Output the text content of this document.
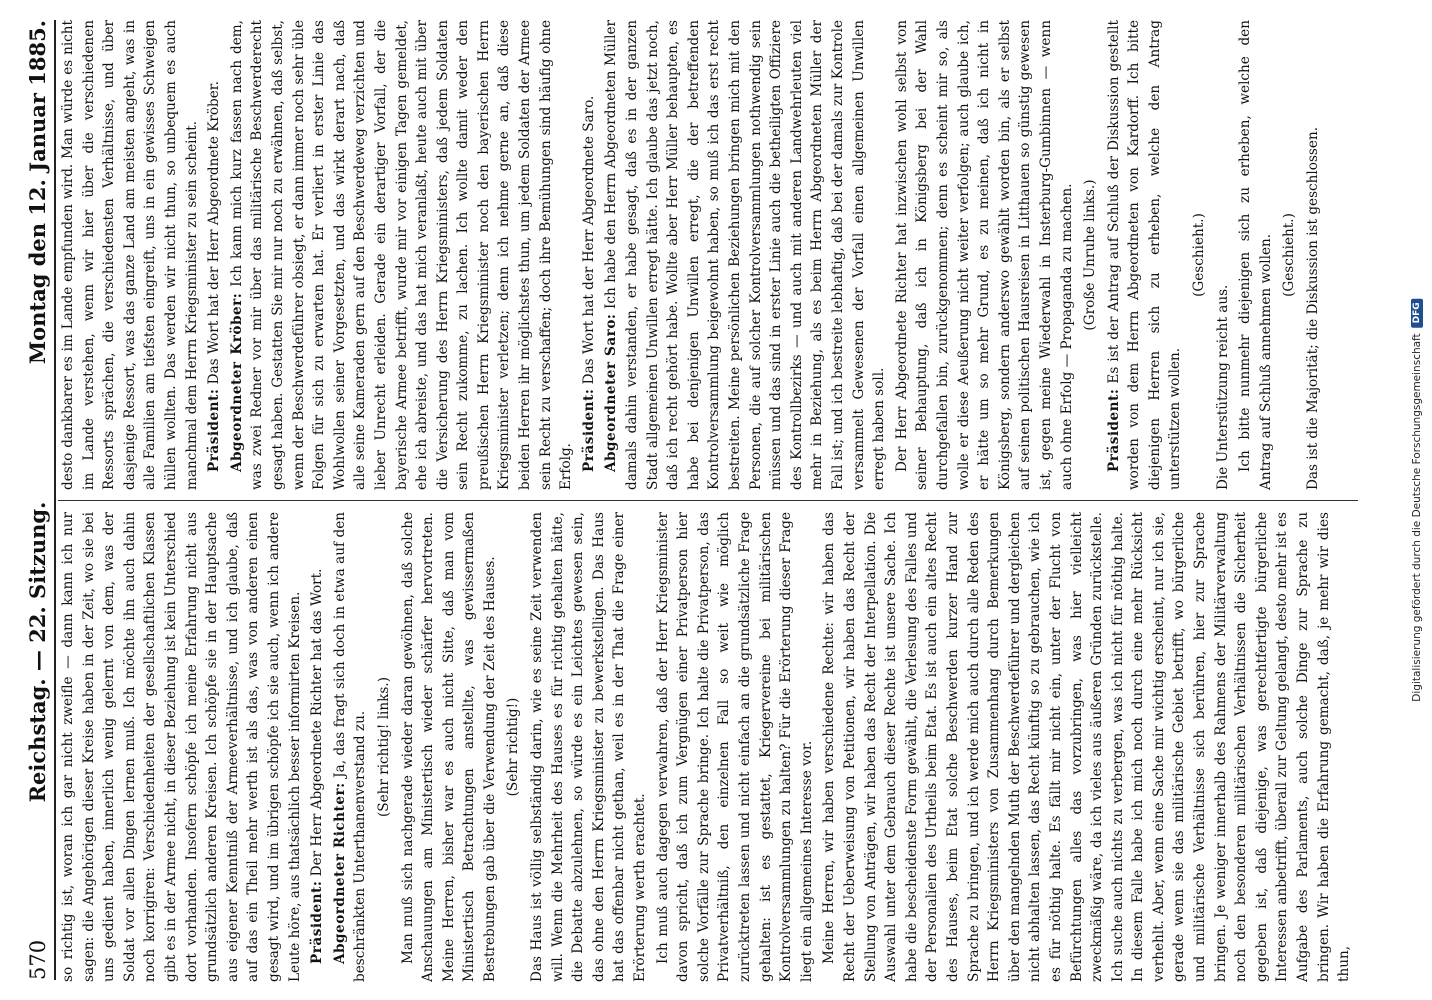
570
Reichstag. — 22. Sitzung.
Montag den 12. Januar 1885.

so richtig ist, woran ich gar nicht zweifle — dann kann ich nur sagen: die Angehörigen dieser Kreise haben in der Zeit, wo sie bei uns gedient haben, innerlich wenig gelernt von dem, was der Soldat vor allen Dingen lernen muß. Ich möchte ihn auch dahin noch korrigiren: Verschiedenheiten der gesellschaftlichen Klassen gibt es in der Armee nicht, in dieser Beziehung ist kein Unterschied dort vorhanden. Insofern schöpfe ich meine Erfahrung nicht aus grundsätzlich anderen Kreisen. Ich schöpfe sie in der Hauptsache aus eigener Kenntniß der Armeeverhältnisse, und ich glaube, daß auf das ein Theil mehr werth ist als das, was von anderen einen gesagt wird, und im übrigen schöpfe ich sie auch, wenn ich andere Leute höre, aus thatsächlich besser informirten Kreisen. Präsident: Der Herr Abgeordnete Richter hat das Wort. Abgeordneter Richter: Ja, das fragt sich doch in etwa auf den beschränkten Unterthanenverstand zu. (Sehr richtig! links.) Man muß sich nachgerade wieder daran gewöhnen, daß solche Anschauungen am Ministertisch wieder schärfer hervortreten. Meine Herren, bisher war es auch nicht Sitte, daß man vom Ministertisch Betrachtungen anstellte, was gewissermaßen Bestrebungen gab über die Verwendung der Zeit des Hauses. (Sehr richtig!) Das Haus ist völlig selbständig darin, wie es seine Zeit verwenden will. Wenn die Mehrheit des Hauses es für richtig gehalten hätte, die Debatte abzulehnen, so würde es ein Leichtes gewesen sein, das ohne den Herrn Kriegsminister zu bewerkstelligen. Das Haus hat das offenbar nicht gethan, weil es in der That die Frage einer Erörterung werth erachtet. Ich muß auch dagegen verwahren, daß der Herr Kriegsminister davon spricht, daß ich zum Vergnügen einer Privatperson hier solche Vorfälle zur Sprache bringe. Ich halte die Privatperson, das Privatverhältniß, den einzelnen Fall so weit wie möglich zurücktreten lassen und nicht einfach an die grundsätzliche Frage gehalten: ist es gestattet, Kriegervereine bei militärischen Kontrolversammlungen zu halten? Für die Erörterung dieser Frage liegt ein allgemeines Interesse vor. Meine Herren, wir haben verschiedene Rechte: wir haben das Recht der Ueberweisung von Petitionen, wir haben das Recht der Stellung von Anträgen, wir haben das Recht der Interpellation. Die Auswahl unter dem Gebrauch dieser Rechte ist unsere Sache. Ich habe die bescheidenste Form gewählt, die Verlesung des Falles und der Personalien des Urtheils beim Etat. Es ist auch ein altes Recht des Hauses, beim Etat solche Beschwerden kurzer Hand zur Sprache zu bringen, und ich werde mich auch durch alle Reden des Herrn Kriegsministers von Zusammenhang durch Bemerkungen über den mangelnden Muth der Beschwerdeführer und dergleichen nicht abhalten lassen, das Recht künftig so zu gebrauchen, wie ich es für nöthig halte. Es fällt mir nicht ein, unter der Flucht von Befürchtungen alles das vorzubringen, was hier vielleicht zweckmäßig wäre, da ich vieles aus äußeren Gründen zurückstelle. Ich suche auch nichts zu verbergen, was ich nicht für nöthig halte. In diesem Falle habe ich mich noch durch eine mehr Rücksicht verhehlt. Aber, wenn eine Sache mir wichtig erscheint, nur ich sie, gerade wenn sie das militärische Gebiet betrifft, wo bürgerliche und militärische Verhältnisse sich berühren, hier zur Sprache bringen. Je weniger innerhalb des Rahmens der Militärverwaltung noch den besonderen militärischen Verhältnissen die Sicherheit gegeben ist, daß diejenige, was gerechtfertigte bürgerliche Interessen anbetrifft, überall zur Geltung gelangt, desto mehr ist es Aufgabe des Parlaments, auch solche Dinge zur Sprache zu bringen. Wir haben die Erfahrung gemacht, daß, je mehr wir dies thun,

desto dankbarer es im Lande empfunden wird. Man würde es nicht im Lande verstehen, wenn wir hier über die verschiedenen Ressorts sprächen, die verschiedensten Verhältnisse, und über dasjenige Ressort, was das ganze Land am meisten angeht, was in alle Familien am tiefsten eingreift, uns in ein gewisses Schweigen hüllen wollten. Das werden wir nicht thun, so unbequem es auch manchmal dem Herrn Kriegsminister zu sein scheint. Präsident: Das Wort hat der Herr Abgeordnete Kröber. Abgeordneter Kröber: Ich kann mich kurz fassen nach dem, was zwei Redner vor mir über das militärische Beschwerderecht gesagt haben. Gestatten Sie mir nur noch zu erwähnen, daß selbst, wenn der Beschwerdeführer obsiegt, er dann immer noch sehr üble Folgen für sich zu erwarten hat. Er verliert in erster Linie das Wohlwollen seiner Vorgesetzten, und das wirkt derart nach, daß alle seine Kameraden gern auf den Beschwerdeweg verzichten und lieber Unrecht erleiden. Gerade ein derartiger Vorfall, der die bayerische Armee betrifft, wurde mir vor einigen Tagen gemeldet, ehe ich abreiste, und das hat mich veranlaßt, heute auch mit über die Versicherung des Herrn Kriegsministers, daß jedem Soldaten sein Recht zukomme, zu lachen. Ich wollte damit weder den preußischen Herrn Kriegsminister noch den bayerischen Herrn Kriegsminister verletzen; denn ich nehme gerne an, daß diese beiden Herren ihr möglichstes thun, um jedem Soldaten der Armee sein Recht zu verschaffen; doch ihre Bemühungen sind häufig ohne Erfolg. Präsident: Das Wort hat der Herr Abgeordnete Saro.

Abgeordneter Saro: Ich habe den Herrn Abgeordneten Müller damals dahin verstanden, er habe gesagt, daß es in der ganzen Stadt allgemeinen Unwillen erregt hätte. Ich glaube das jetzt noch, daß ich recht gehört habe. Wollte aber Herr Müller behaupten, es habe bei denjenigen Unwillen erregt, die der betreffenden Kontrolversammlung beigewohnt haben, so muß ich das erst recht bestreiten. Meine persönlichen Beziehungen bringen mich mit den Personen, die auf solcher Kontrolversammlungen nothwendig sein müssen und das sind in erster Linie auch die betheiligten Offiziere des Kontrollbezirks — und auch mit anderen Landwehrleuten viel mehr in Beziehung, als es beim Herrn Abgeordneten Müller der Fall ist; und ich bestreite lebhaftig, daß bei der damals zur Kontrole versammelt Gewesenen der Vorfall einen allgemeinen Unwillen erregt haben soll. Der Herr Abgeordnete Richter hat inzwischen wohl selbst von seiner Behauptung, daß ich in Königsberg bei der Wahl durchgefallen bin, zurückgenommen; denn es scheint mir so, als wolle er diese Aeußerung nicht weiter verfolgen; auch glaube ich, er hätte um so mehr Grund, es zu meinen, daß ich nicht in Königsberg, sondern anderswo gewählt worden bin, als er selbst auf seinen politischen Hausreisen in Litthauen so günstig gewesen ist, gegen meine Wiederwahl in Insterburg-Gumbinnen — wenn auch ohne Erfolg — Propaganda zu machen. (Große Unruhe links.)

Präsident: Es ist der Antrag auf Schluß der Diskussion gestellt worden von dem Herrn Abgeordneten von Kardorff. Ich bitte diejenigen Herren sich zu erheben, welche den Antrag unterstützen wollen.

(Geschieht.)

Die Unterstützung reicht aus. Ich bitte nunmehr diejenigen sich zu erheben, welche den Antrag auf Schluß annehmen wollen. (Geschieht.) Das ist die Majorität; die Diskussion ist geschlossen.

Digitalisierung gefördert durch die Deutsche Forschungsgemeinschaft
DFG
